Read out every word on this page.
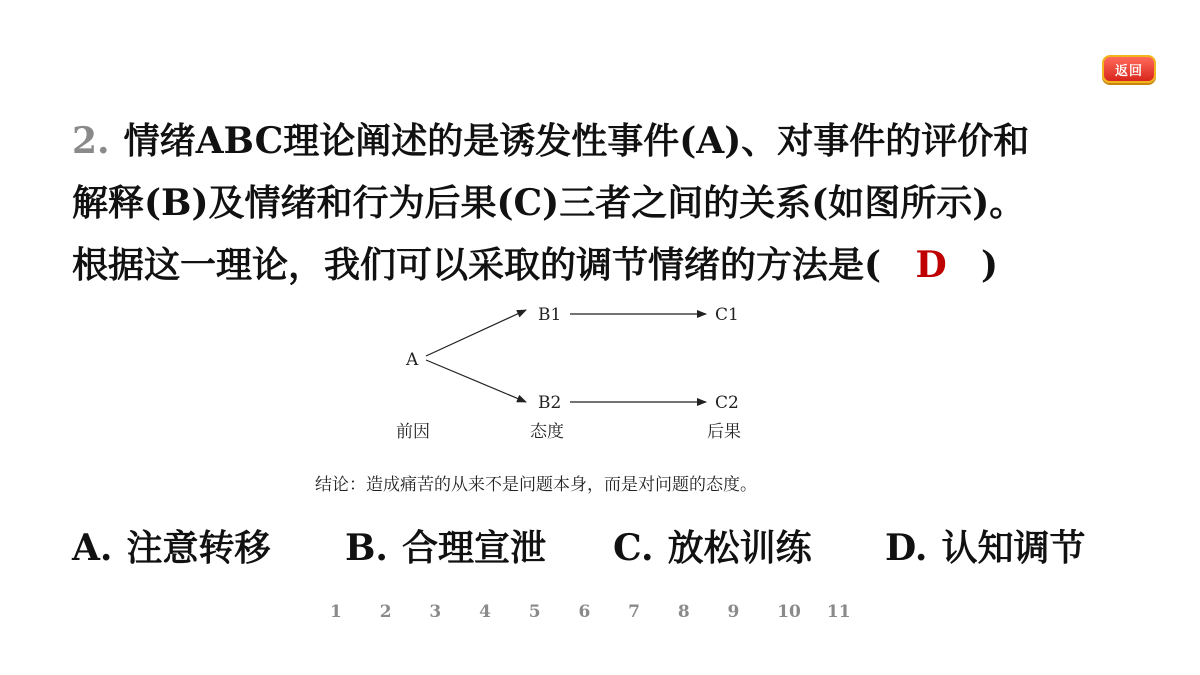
返回

2. 情绪ABC理论阐述的是诱发性事件(A)、对事件的评价和
解释(B)及情绪和行为后果(C)三者之间的关系(如图所示)。
根据这一理论，我们可以采取的调节情绪的方法是( D )

A
B1	C1
B2	C2
前因	态度	后果

结论：造成痛苦的从来不是问题本身，而是对问题的态度。

A. 注意转移	B. 合理宣泄	C. 放松训练	D. 认知调节
1	2	3	4	5	6	7	8	9	10	11
